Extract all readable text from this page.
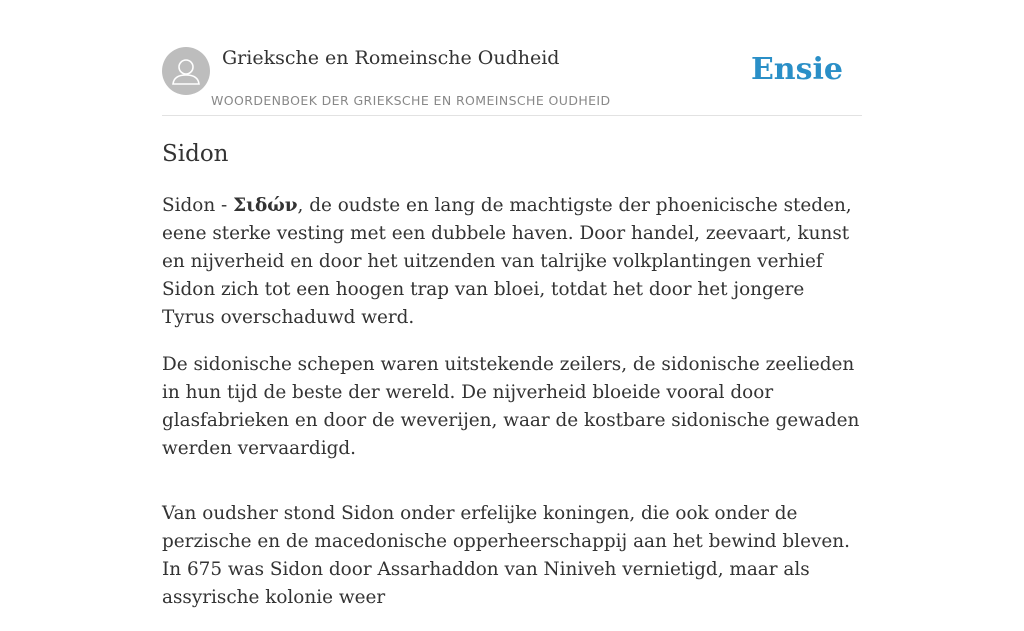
Grieksche en Romeinsche Oudheid
WOORDENBOEK DER GRIEKSCHE EN ROMEINSCHE OUDHEID
Ensie
Sidon

Sidon - Σιδών, de oudste en lang de machtigste der phoenicische steden, eene sterke vesting met een dubbele haven. Door handel, zeevaart, kunst en nijverheid en door het uitzenden van talrijke volkplantingen verhief Sidon zich tot een hoogen trap van bloei, totdat het door het jongere Tyrus overschaduwd werd.

De sidonische schepen waren uitstekende zeilers, de sidonische zeelieden in hun tijd de beste der wereld. De nijverheid bloeide vooral door glasfabrieken en door de weverijen, waar de kostbare sidonische gewaden werden vervaardigd.

Van oudsher stond Sidon onder erfelijke koningen, die ook onder de perzische en de macedonische opperheerschappij aan het bewind bleven. In 675 was Sidon door Assarhaddon van Niniveh vernietigd, maar als assyrische kolonie weer
